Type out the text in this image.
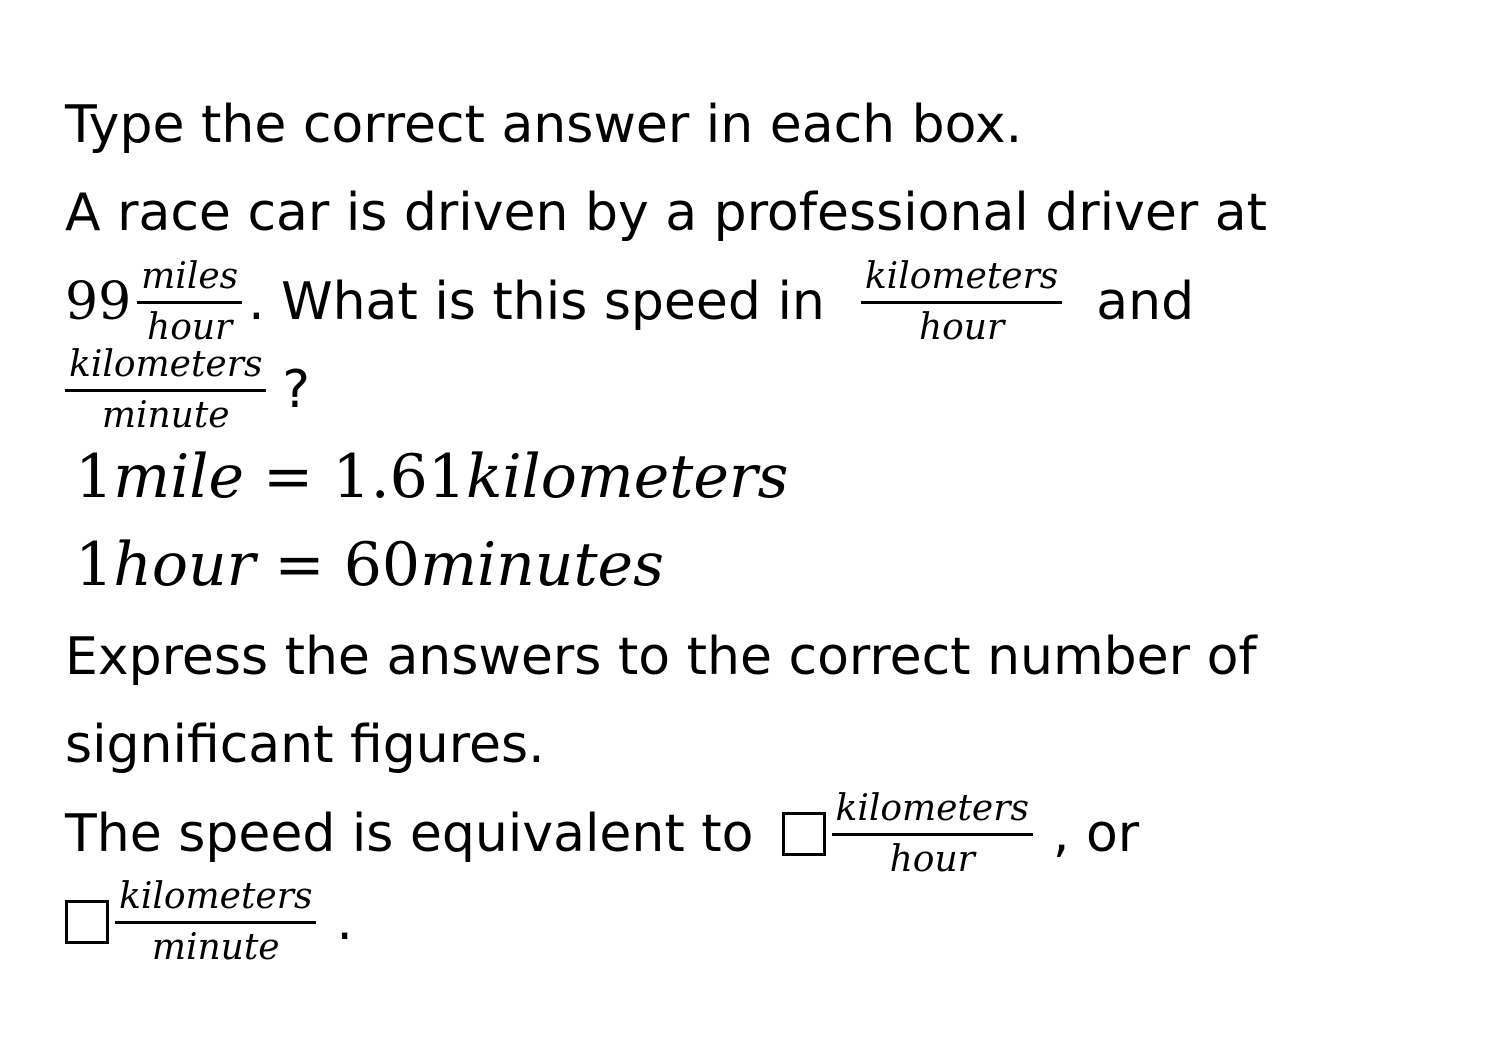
Type the correct answer in each box.
A race car is driven by a professional driver at
$99 \frac{\text{miles}}{\text{hour}}$ . What is this speed in $\frac{\text{kilometers}}{\text{hour}}$ and
$\frac{\text{kilometers}}{\text{minute}}$ ?
1mile = 1.61kilometers
1hour = 60minutes
Express the answers to the correct number of
significant figures.
The speed is equivalent to $\frac{\text{kilometers}}{\text{hour}}$ , or
$\frac{\text{kilometers}}{\text{minute}}$ .
